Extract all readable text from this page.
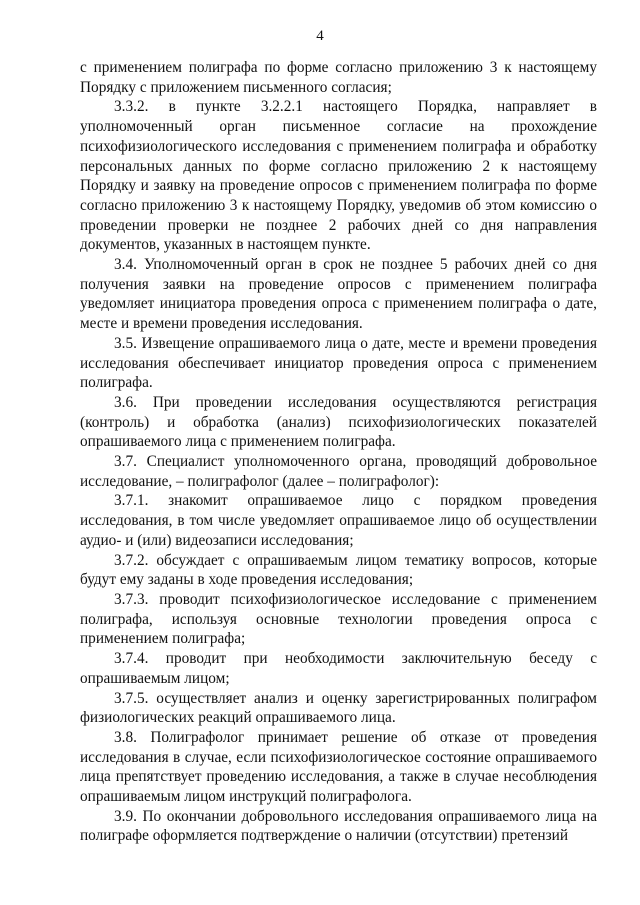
4

с применением полиграфа по форме согласно приложению 3 к настоящему Порядку с приложением письменного согласия;

3.3.2. в пункте 3.2.2.1 настоящего Порядка, направляет в уполномоченный орган письменное согласие на прохождение психофизиологического исследования с применением полиграфа и обработку персональных данных по форме согласно приложению 2 к настоящему Порядку и заявку на проведение опросов с применением полиграфа по форме согласно приложению 3 к настоящему Порядку, уведомив об этом комиссию о проведении проверки не позднее 2 рабочих дней со дня направления документов, указанных в настоящем пункте.

3.4. Уполномоченный орган в срок не позднее 5 рабочих дней со дня получения заявки на проведение опросов с применением полиграфа уведомляет инициатора проведения опроса с применением полиграфа о дате, месте и времени проведения исследования.

3.5. Извещение опрашиваемого лица о дате, месте и времени проведения исследования обеспечивает инициатор проведения опроса с применением полиграфа.

3.6. При проведении исследования осуществляются регистрация (контроль) и обработка (анализ) психофизиологических показателей опрашиваемого лица с применением полиграфа.

3.7. Специалист уполномоченного органа, проводящий добровольное исследование, – полиграфолог (далее – полиграфолог):

3.7.1. знакомит опрашиваемое лицо с порядком проведения исследования, в том числе уведомляет опрашиваемое лицо об осуществлении аудио- и (или) видеозаписи исследования;

3.7.2. обсуждает с опрашиваемым лицом тематику вопросов, которые будут ему заданы в ходе проведения исследования;

3.7.3. проводит психофизиологическое исследование с применением полиграфа, используя основные технологии проведения опроса с применением полиграфа;

3.7.4. проводит при необходимости заключительную беседу с опрашиваемым лицом;

3.7.5. осуществляет анализ и оценку зарегистрированных полиграфом физиологических реакций опрашиваемого лица.

3.8. Полиграфолог принимает решение об отказе от проведения исследования в случае, если психофизиологическое состояние опрашиваемого лица препятствует проведению исследования, а также в случае несоблюдения опрашиваемым лицом инструкций полиграфолога.

3.9. По окончании добровольного исследования опрашиваемого лица на полиграфе оформляется подтверждение о наличии (отсутствии) претензий
